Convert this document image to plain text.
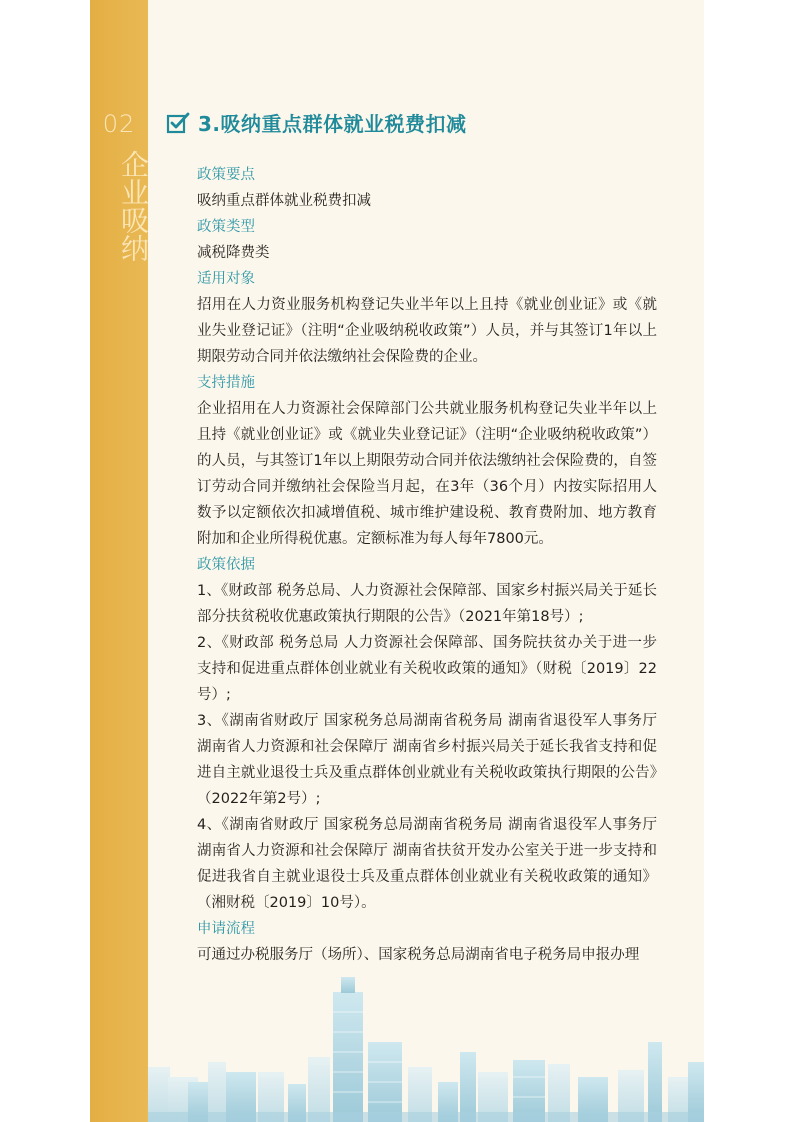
02
企业吸纳
3.吸纳重点群体就业税费扣减
政策要点

吸纳重点群体就业税费扣减

政策类型

减税降费类

适用对象

招用在人力资业服务机构登记失业半年以上且持《就业创业证》或《就业失业登记证》（注明“企业吸纳税收政策”）人员，并与其签订1年以上期限劳动合同并依法缴纳社会保险费的企业。

支持措施

企业招用在人力资源社会保障部门公共就业服务机构登记失业半年以上且持《就业创业证》或《就业失业登记证》（注明“企业吸纳税收政策”）的人员，与其签订1年以上期限劳动合同并依法缴纳社会保险费的，自签订劳动合同并缴纳社会保险当月起，在3年（36个月）内按实际招用人数予以定额依次扣减增值税、城市维护建设税、教育费附加、地方教育附加和企业所得税优惠。定额标准为每人每年7800元。

政策依据

1、《财政部 税务总局、人力资源社会保障部、国家乡村振兴局关于延长部分扶贫税收优惠政策执行期限的公告》（2021年第18号）;

2、《财政部 税务总局 人力资源社会保障部、国务院扶贫办关于进一步支持和促进重点群体创业就业有关税收政策的通知》（财税〔2019〕22号）;

3、《湖南省财政厅 国家税务总局湖南省税务局 湖南省退役军人事务厅 湖南省人力资源和社会保障厅 湖南省乡村振兴局关于延长我省支持和促进自主就业退役士兵及重点群体创业就业有关税收政策执行期限的公告》（2022年第2号）;

4、《湖南省财政厅 国家税务总局湖南省税务局 湖南省退役军人事务厅 湖南省人力资源和社会保障厅 湖南省扶贫开发办公室关于进一步支持和促进我省自主就业退役士兵及重点群体创业就业有关税收政策的通知》（湘财税〔2019〕10号）。

申请流程

可通过办税服务厅（场所）、国家税务总局湖南省电子税务局申报办理
